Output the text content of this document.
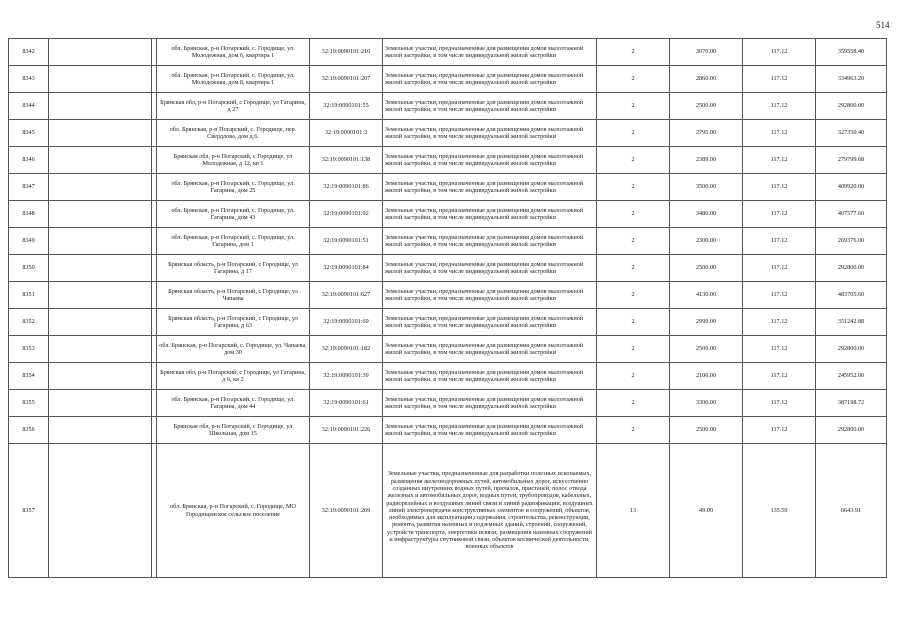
514
8342			обл. Брянская, р-н Погарский, с. Городище, ул. Молодежная, дом 6, квартира 1	32:19:0090101:210	Земельные участки, предназначенные для размещения домов малоэтажной жилой застройки, в том числе индивидуальной жилой застройки	2	3070.00	117.12	359558.40
8343			обл. Брянская, р-н Погарский, с. Городище, ул. Молодежная, дом 8, квартира 1	32:19:0090101:207	Земельные участки, предназначенные для размещения домов малоэтажной жилой застройки, в том числе индивидуальной жилой застройки	2	2860.00	117.12	334963.20
8344			Брянская обл, р-н Погарский, с Городище, ул Гагарина, д 27	32:19:0090101:55	Земельные участки, предназначенные для размещения домов малоэтажной жилой застройки, в том числе индивидуальной жилой застройки	2	2500.00	117.12	292800.00
8345			обл. Брянская, р-н Погарский, с. Городище, пер. Свердлова, дом д.6.	32:19:0090101:3	Земельные участки, предназначенные для размещения домов малоэтажной жилой застройки, в том числе индивидуальной жилой застройки	2	2795.00	117.12	327350.40
8346			Брянская обл, р-н Погарский, с Городище, ул Молодежная, д 12, кв 1	32:19:0090101:138	Земельные участки, предназначенные для размещения домов малоэтажной жилой застройки, в том числе индивидуальной жилой застройки	2	2389.00	117.12	279799.68
8347			обл. Брянская, р-н Погарский, с. Городище, ул. Гагарина, дом 25	32:19:0090101:86	Земельные участки, предназначенные для размещения домов малоэтажной жилой застройки, в том числе индивидуальной жилой застройки	2	3500.00	117.12	409920.00
8348			обл. Брянская, р-н Погарский, с. Городище, ул. Гагарина, дом 43	32:19:0090101:92	Земельные участки, предназначенные для размещения домов малоэтажной жилой застройки, в том числе индивидуальной жилой застройки	2	3480.00	117.12	407577.60
8349			обл. Брянская, р-н Погарский, с. Городище, ул. Гагарина, дом 1	32:19:0090101:51	Земельные участки, предназначенные для размещения домов малоэтажной жилой застройки, в том числе индивидуальной жилой застройки	2	2300.00	117.12	269376.00
8350			Брянская область, р-н Погарский, с Городище, ул Гагарина, д 17	32:19:0090101:84	Земельные участки, предназначенные для размещения домов малоэтажной жилой застройки, в том числе индивидуальной жилой застройки	2	2500.00	117.12	292800.00
8351			Брянская область, р-н Погарский, с Городище, ул Чапаева	32:19:0090101:627	Земельные участки, предназначенные для размещения домов малоэтажной жилой застройки, в том числе индивидуальной жилой застройки	2	4130.00	117.12	483705.60
8352			Брянская область, р-н Погарский, с Городище, ул Гагарина, д 63	32:19:0090101:69	Земельные участки, предназначенные для размещения домов малоэтажной жилой застройки, в том числе индивидуальной жилой застройки	2	2999.00	117.12	351242.88
8353			обл. Брянская, р-н Погарский, с. Городище, ул. Чапаева, дом 30	32:19:0090101:182	Земельные участки, предназначенные для размещения домов малоэтажной жилой застройки, в том числе индивидуальной жилой застройки	2	2500.00	117.12	292800.00
8354			Брянская обл, р-н Погарский, с Городище, ул Гагарина, д 6, кв 2	32:19:0090101:39	Земельные участки, предназначенные для размещения домов малоэтажной жилой застройки, в том числе индивидуальной жилой застройки	2	2100.00	117.12	245952.00
8355			обл. Брянская, р-н Погарский, с. Городище, ул. Гагарина, дом 44	32:19:0090101:61	Земельные участки, предназначенные для размещения домов малоэтажной жилой застройки, в том числе индивидуальной жилой застройки	2	3306.00	117.12	387198.72
8356			Брянская обл, р-н Погарский, с Городище, ул Школьная, дом 15	32:19:0090101:226	Земельные участки, предназначенные для размещения домов малоэтажной жилой застройки, в том числе индивидуальной жилой застройки	2	2500.00	117.12	292800.00
8357			обл. Брянская, р-н Погарский, с. Городище, МО Городищенское сельское поселение	32:19:0090101:269	Земельные участки, предназначенные для разработки полезных ископаемых, размещения железнодорожных путей, автомобильных дорог, искусственно созданных внутренних водных путей, причалов, пристаней, полос отвода железных и автомобильных дорог, водных путей, трубопроводов, кабельных, радиорелейных и воздушных линий связи и линий радиофикации, воздушных линий электропередачи конструктивных элементов и сооружений, объектов, необходимых для эксплуатации,содержания, строительства, реконструкции, ремонта, развития наземных и подземных зданий, строений, сооружений, устройств транспорта, энергетики исвязи; размещения наземных сооружений и инфраструктуры спутниковой связи, объектов космической деятельности, военных объектов	13	49.00	135.59	6643.91
